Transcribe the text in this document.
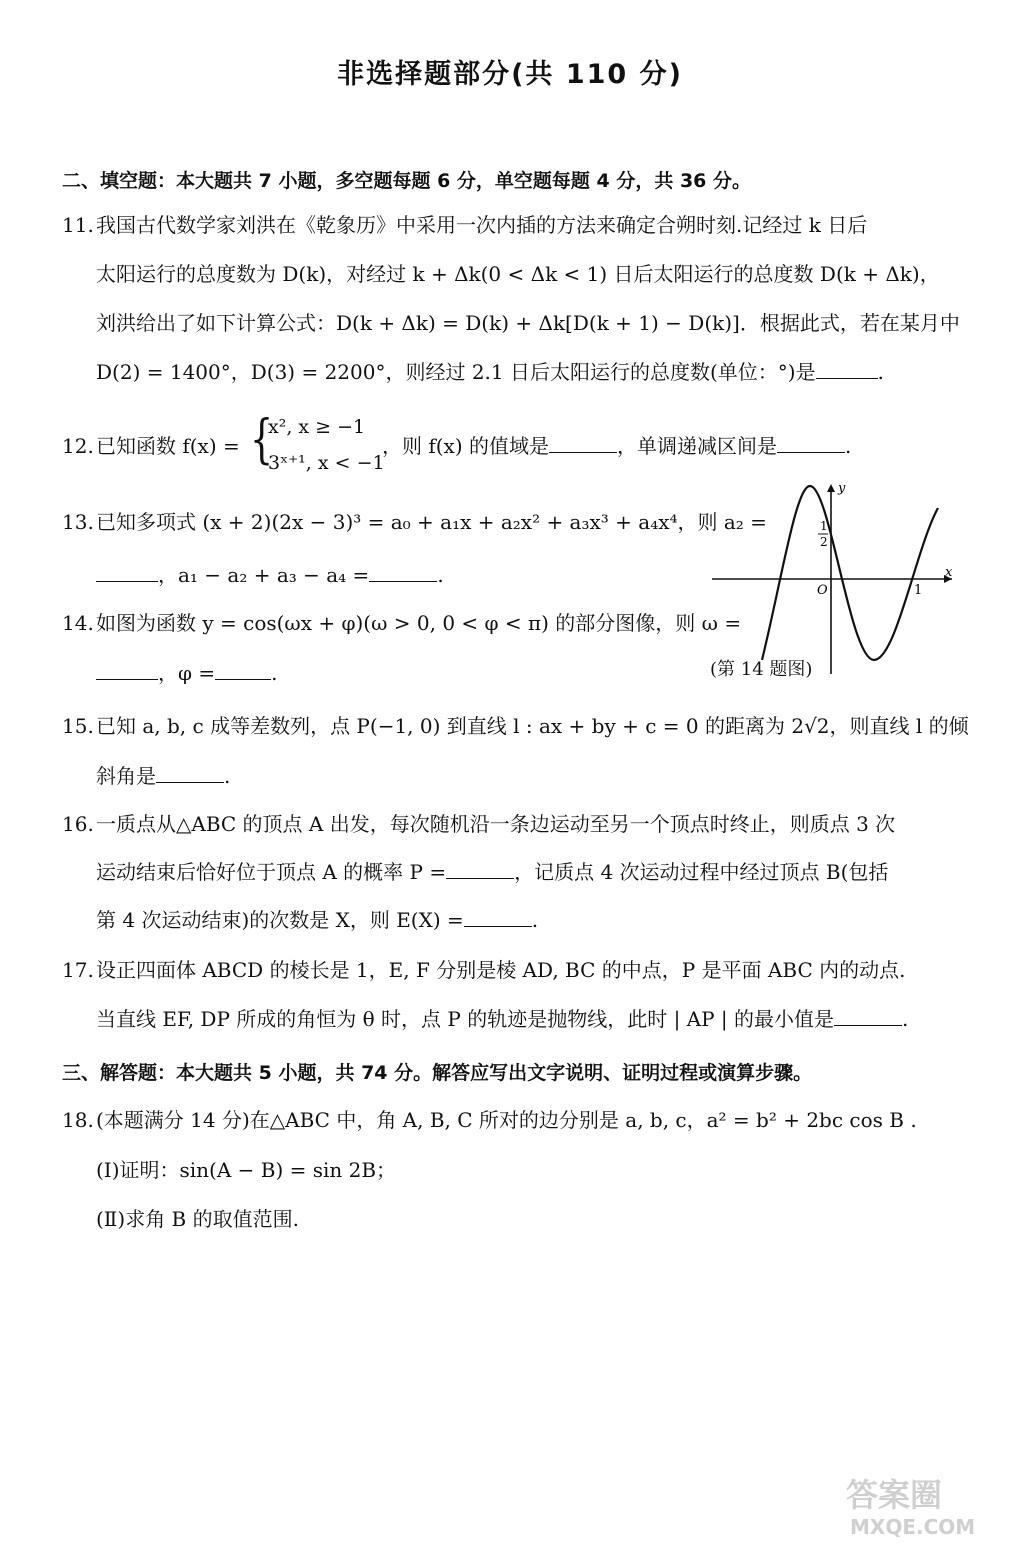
非选择题部分(共 110 分)
二、填空题：本大题共 7 小题，多空题每题 6 分，单空题每题 4 分，共 36 分。
11. 我国古代数学家刘洪在《乾象历》中采用一次内插的方法来确定合朔时刻.记经过 k 日后
太阳运行的总度数为 D(k)，对经过 k + Δk(0 < Δk < 1) 日后太阳运行的总度数 D(k + Δk)，
刘洪给出了如下计算公式：D(k + Δk) = D(k) + Δk[D(k + 1) − D(k)]．根据此式，若在某月中
D(2) = 1400°，D(3) = 2200°，则经过 2.1 日后太阳运行的总度数(单位：°)是	.
12. 已知函数 f(x) = {
x², x ≥ −1
3ˣ⁺¹, x < −1
，则 f(x) 的值域是	，单调递减区间是	.
13. 已知多项式 (x + 2)(2x − 3)³ = a₀ + a₁x + a₂x² + a₃x³ + a₄x⁴，则 a₂ =
，a₁ − a₂ + a₃ − a₄ =	.
14. 如图为函数 y = cos(ωx + φ)(ω > 0, 0 < φ < π) 的部分图像，则 ω =
，φ =	.
x
y
O	1
1
2
(第 14 题图)
15. 已知 a, b, c 成等差数列，点 P(−1, 0) 到直线 l : ax + by + c = 0 的距离为 2√2，则直线 l 的倾
斜角是	.
16. 一质点从△ABC 的顶点 A 出发，每次随机沿一条边运动至另一个顶点时终止，则质点 3 次
运动结束后恰好位于顶点 A 的概率 P =	，记质点 4 次运动过程中经过顶点 B(包括
第 4 次运动结束)的次数是 X，则 E(X) =	.
17. 设正四面体 ABCD 的棱长是 1，E, F 分别是棱 AD, BC 的中点，P 是平面 ABC 内的动点.
当直线 EF, DP 所成的角恒为 θ 时，点 P 的轨迹是抛物线，此时 | AP | 的最小值是	.
三、解答题：本大题共 5 小题，共 74 分。解答应写出文字说明、证明过程或演算步骤。
18. (本题满分 14 分)在△ABC 中，角 A, B, C 所对的边分别是 a, b, c，a² = b² + 2bc cos B .
(Ⅰ)证明：sin(A − B) = sin 2B；
(Ⅱ)求角 B 的取值范围.
答案圈
MXQE.COM
